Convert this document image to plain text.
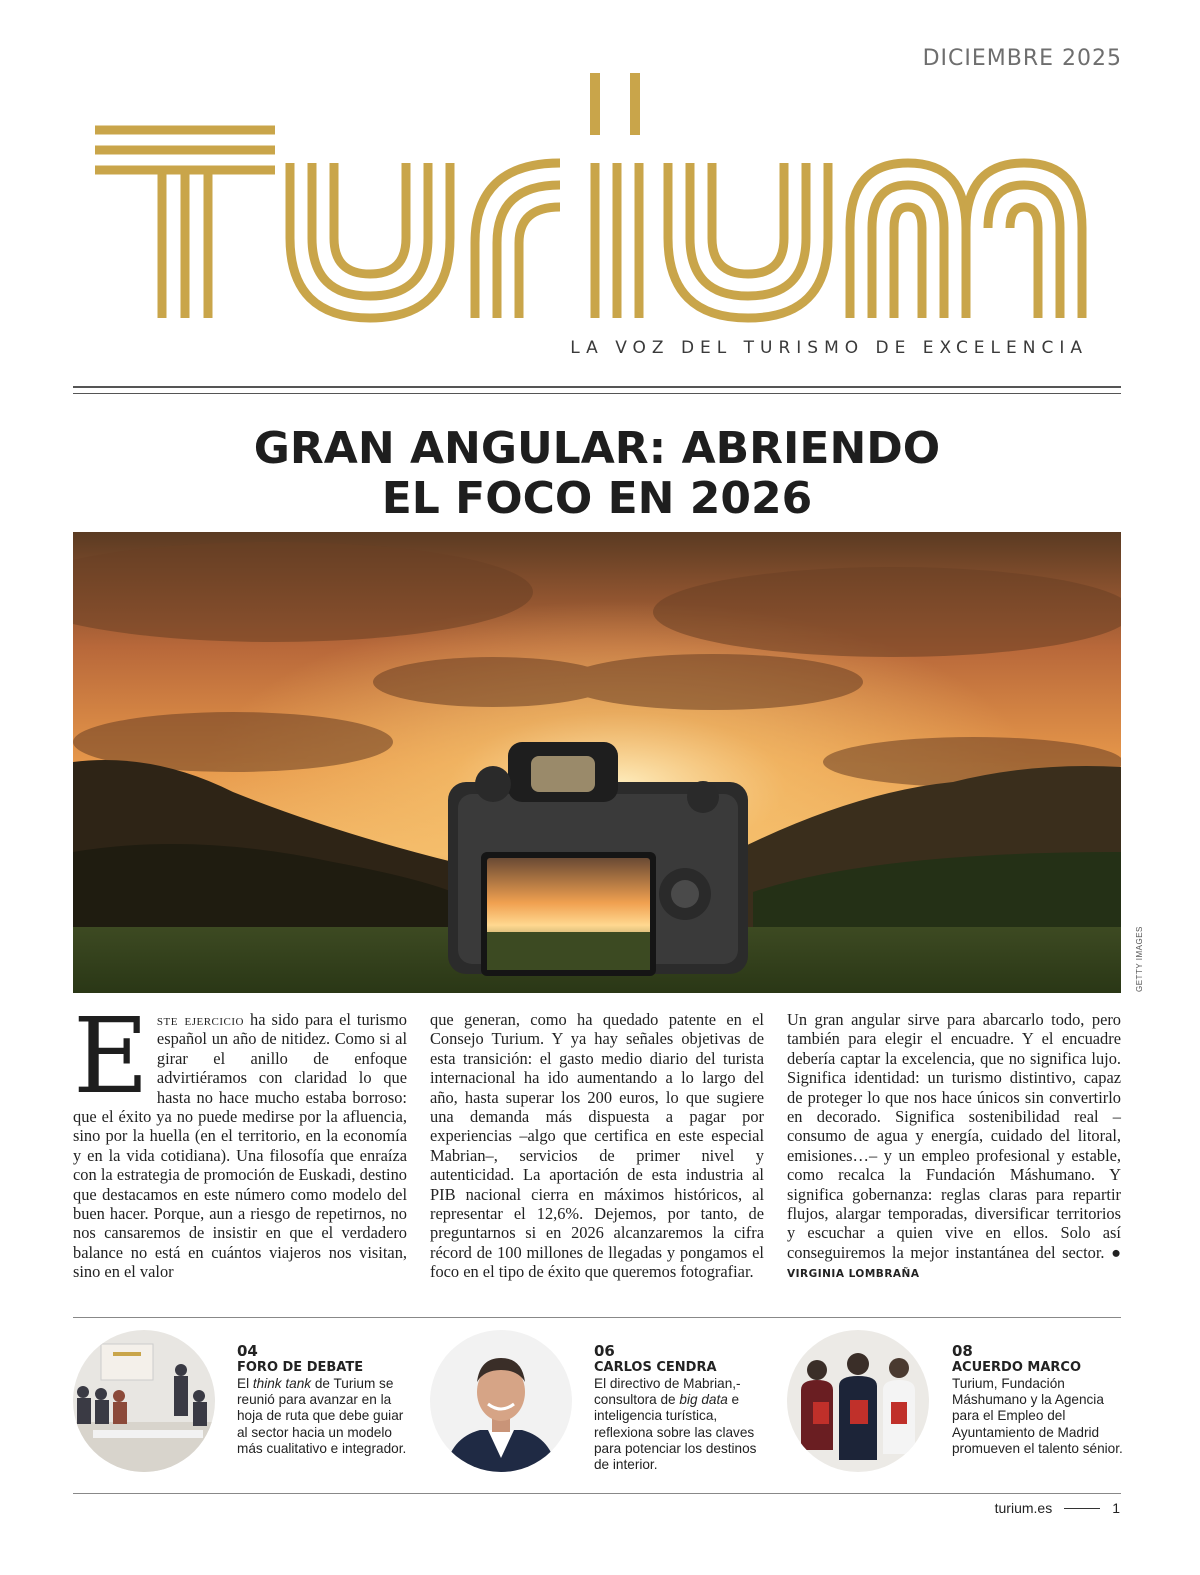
DICIEMBRE 2025
LA VOZ DEL TURISMO DE EXCELENCIA
GRAN ANGULAR: ABRIENDO
EL FOCO EN 2026
GETTY IMAGES
Este ejercicio ha sido para el turismo español un año de nitidez. Como si al girar el anillo de enfoque advirtiéramos con claridad lo que hasta no hace mucho estaba borroso: que el éxito ya no puede medirse por la afluencia, sino por la huella (en el territorio, en la economía y en la vida cotidiana). Una filosofía que enraíza con la estrategia de promoción de Euskadi, destino que destacamos en este número como modelo del buen hacer. Porque, aun a riesgo de repetirnos, no nos cansaremos de insistir en que el verdadero balance no está en cuántos viajeros nos visitan, sino en el valor
que generan, como ha quedado patente en el Consejo Turium. Y ya hay señales objetivas de esta transición: el gasto medio diario del turista internacional ha ido aumentando a lo largo del año, hasta superar los 200 euros, lo que sugiere una demanda más dispuesta a pagar por experiencias –algo que certifica en este especial Mabrian–, servicios de primer nivel y autenticidad. La aportación de esta industria al PIB nacional cierra en máximos históricos, al representar el 12,6%. Dejemos, por tanto, de preguntarnos si en 2026 alcanzaremos la cifra récord de 100 millones de llegadas y pongamos el foco en el tipo de éxito que queremos fotografiar.
Un gran angular sirve para abarcarlo todo, pero también para elegir el encuadre. Y el encuadre debería captar la excelencia, que no significa lujo. Significa identidad: un turismo distintivo, capaz de proteger lo que nos hace únicos sin convertirlo en decorado. Significa sostenibilidad real –consumo de agua y energía, cuidado del litoral, emisiones…– y un empleo profesional y estable, como recalca la Fundación Máshumano. Y significa gobernanza: reglas claras para repartir flujos, alargar temporadas, diversificar territorios y escuchar a quien vive en ellos. Solo así conseguiremos la mejor instantánea del sector. ● VIRGINIA LOMBRAÑA
04
FORO DE DEBATE
El think tank de Turium se reunió para avanzar en la hoja de ruta que debe guiar al sector hacia un modelo más cualitativo e integrador.
06
CARLOS CENDRA
El directivo de Mabrian,-consultora de big data e inteligencia turística, reflexiona sobre las claves para potenciar los destinos de interior.
08
ACUERDO MARCO
Turium, Fundación Máshumano y la Agencia para el Empleo del Ayuntamiento de Madrid promueven el talento sénior.
turium.es	1
